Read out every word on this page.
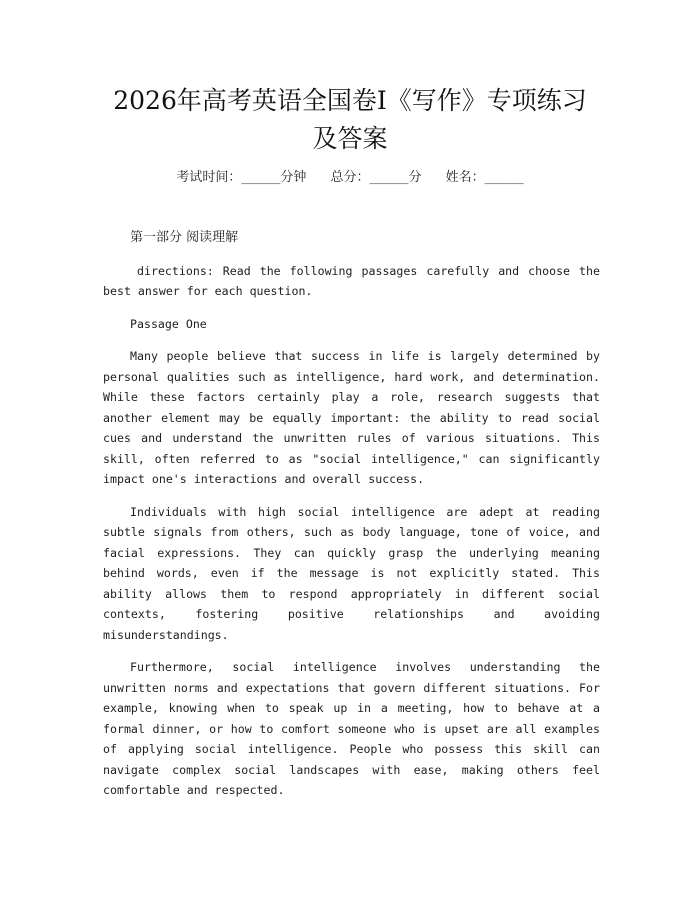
2026年高考英语全国卷Ⅰ《写作》专项练习
及答案
考试时间：______分钟 总分：______分 姓名：______

第一部分 阅读理解

directions: Read the following passages carefully and choose the best answer for each question.

Passage One

Many people believe that success in life is largely determined by personal qualities such as intelligence, hard work, and determination. While these factors certainly play a role, research suggests that another element may be equally important: the ability to read social cues and understand the unwritten rules of various situations. This skill, often referred to as "social intelligence," can significantly impact one's interactions and overall success.

Individuals with high social intelligence are adept at reading subtle signals from others, such as body language, tone of voice, and facial expressions. They can quickly grasp the underlying meaning behind words, even if the message is not explicitly stated. This ability allows them to respond appropriately in different social contexts, fostering positive relationships and avoiding misunderstandings.

Furthermore, social intelligence involves understanding the unwritten norms and expectations that govern different situations. For example, knowing when to speak up in a meeting, how to behave at a formal dinner, or how to comfort someone who is upset are all examples of applying social intelligence. People who possess this skill can navigate complex social landscapes with ease, making others feel comfortable and respected.
